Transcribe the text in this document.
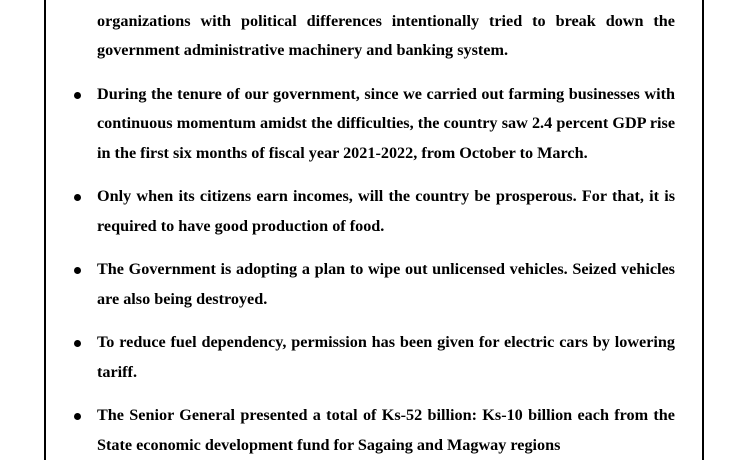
organizations with political differences intentionally tried to break down the government administrative machinery and banking system.
During the tenure of our government, since we carried out farming businesses with continuous momentum amidst the difficulties, the country saw 2.4 percent GDP rise in the first six months of fiscal year 2021-2022, from October to March.
Only when its citizens earn incomes, will the country be prosperous. For that, it is required to have good production of food.
The Government is adopting a plan to wipe out unlicensed vehicles. Seized vehicles are also being destroyed.
To reduce fuel dependency, permission has been given for electric cars by lowering tariff.
The Senior General presented a total of Ks-52 billion: Ks-10 billion each from the State economic development fund for Sagaing and Magway regions
